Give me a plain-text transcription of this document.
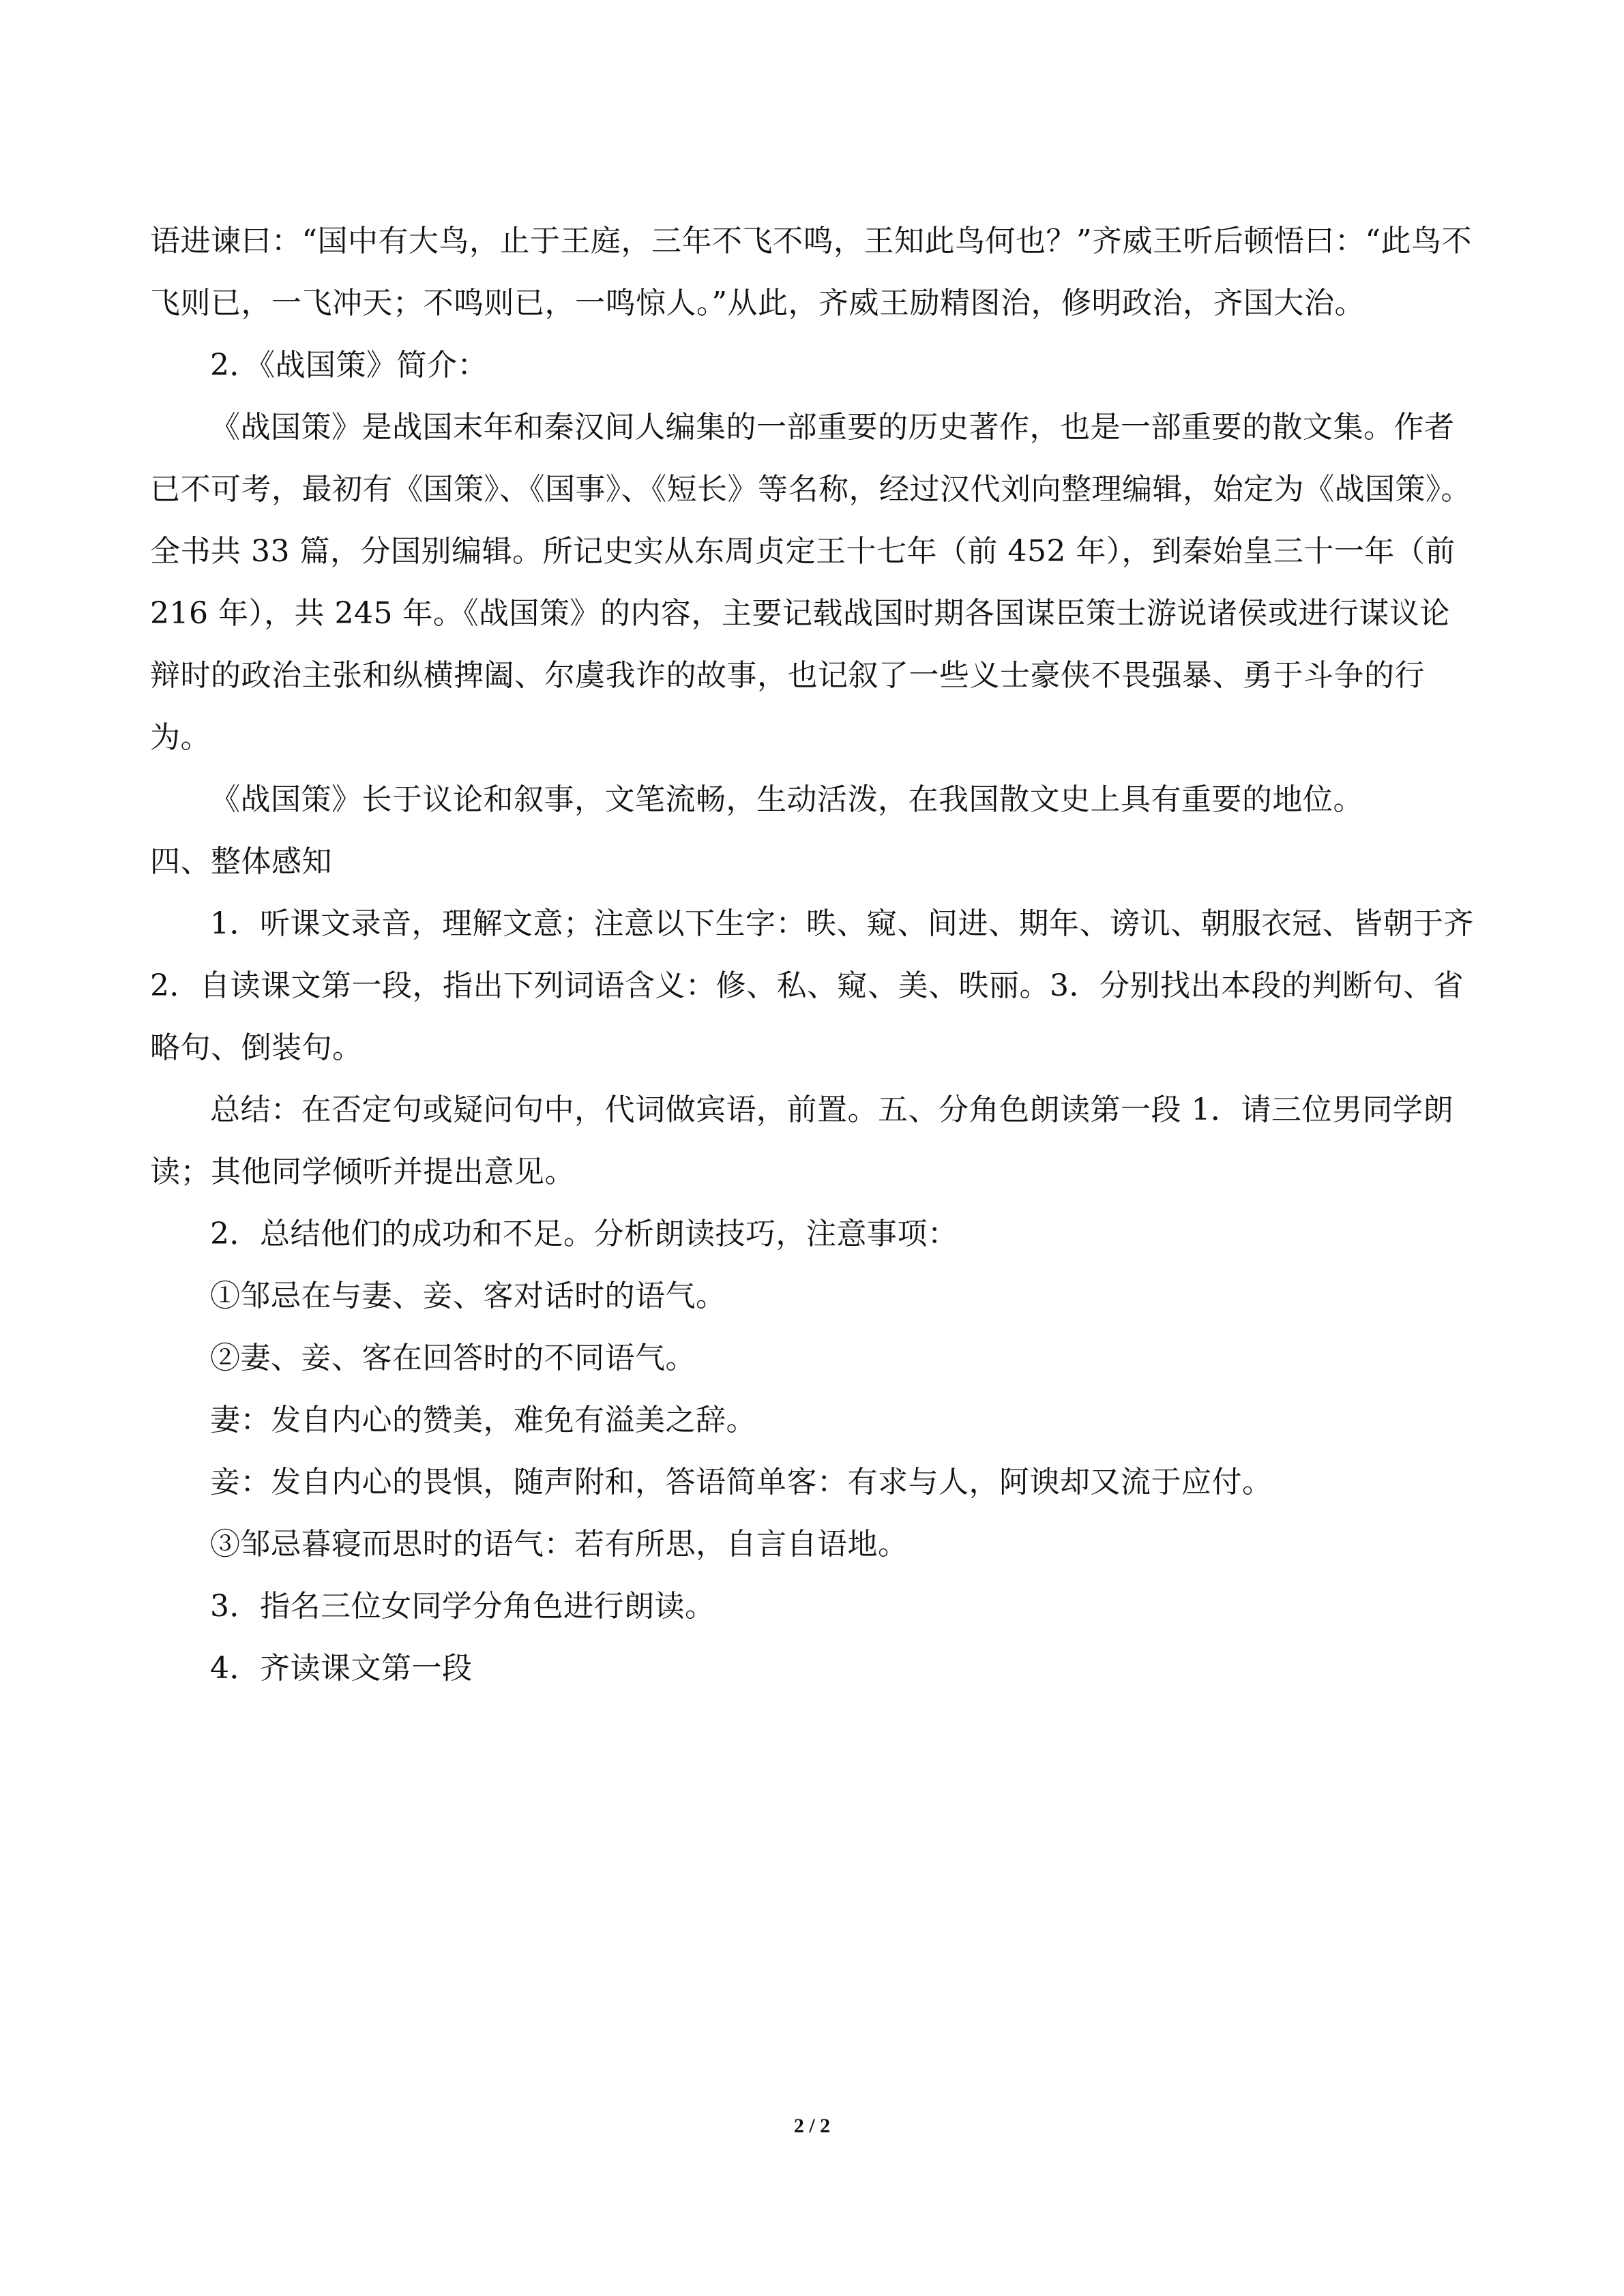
语进谏曰：“国中有大鸟，止于王庭，三年不飞不鸣，王知此鸟何也？”齐威王听后顿悟曰：“此鸟不飞则已，一飞冲天；不鸣则已，一鸣惊人。”从此，齐威王励精图治，修明政治，齐国大治。

2．《战国策》简介：

《战国策》是战国末年和秦汉间人编集的一部重要的历史著作，也是一部重要的散文集。作者已不可考，最初有《国策》、《国事》、《短长》等名称，经过汉代刘向整理编辑，始定为《战国策》。全书共 33 篇，分国别编辑。所记史实从东周贞定王十七年（前 452 年），到秦始皇三十一年（前 216 年），共 245 年。《战国策》的内容，主要记载战国时期各国谋臣策士游说诸侯或进行谋议论辩时的政治主张和纵横捭阖、尔虞我诈的故事，也记叙了一些义士豪侠不畏强暴、勇于斗争的行为。

《战国策》长于议论和叙事，文笔流畅，生动活泼，在我国散文史上具有重要的地位。

四、整体感知

1．听课文录音，理解文意；注意以下生字：昳、窥、间进、期年、谤讥、朝服衣冠、皆朝于齐 2．自读课文第一段，指出下列词语含义：修、私、窥、美、昳丽。3．分别找出本段的判断句、省略句、倒装句。

总结：在否定句或疑问句中，代词做宾语，前置。五、分角色朗读第一段 1．请三位男同学朗读；其他同学倾听并提出意见。

2．总结他们的成功和不足。分析朗读技巧，注意事项：

①邹忌在与妻、妾、客对话时的语气。

②妻、妾、客在回答时的不同语气。

妻：发自内心的赞美，难免有溢美之辞。

妾：发自内心的畏惧，随声附和，答语简单客：有求与人，阿谀却又流于应付。

③邹忌暮寝而思时的语气：若有所思，自言自语地。

3．指名三位女同学分角色进行朗读。

4．齐读课文第一段

2 / 2
